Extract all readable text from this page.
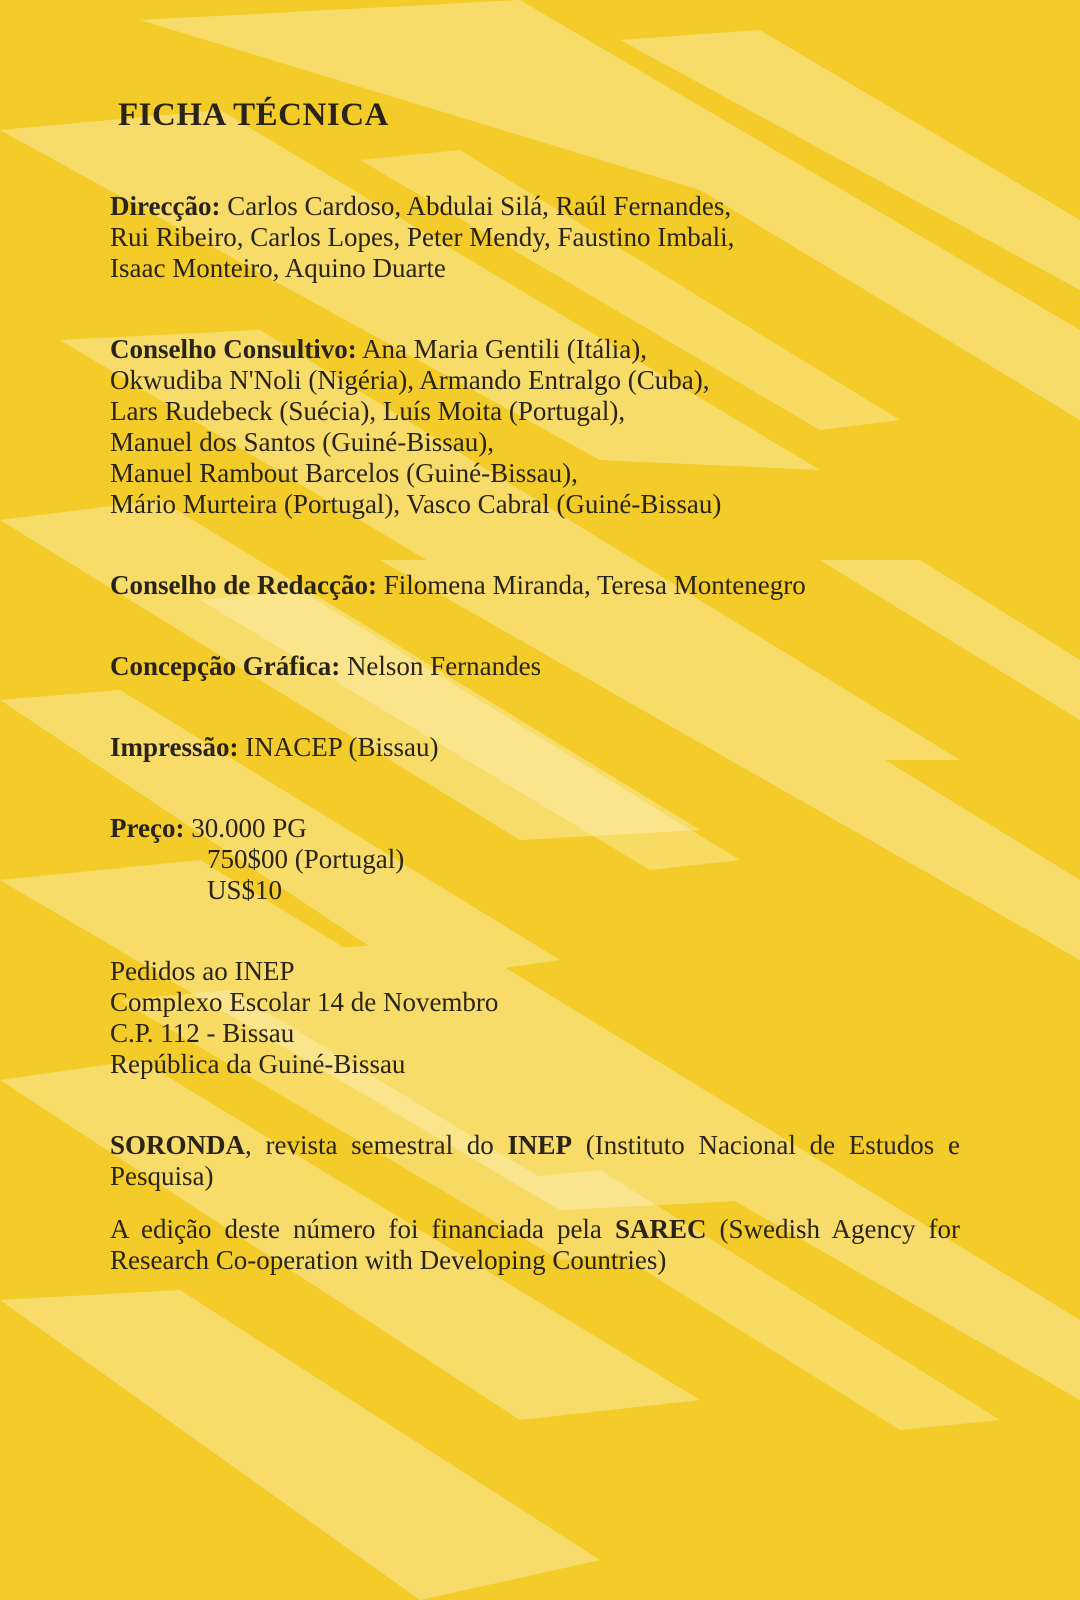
FICHA TÉCNICA
Direcção: Carlos Cardoso, Abdulai Silá, Raúl Fernandes,
Rui Ribeiro, Carlos Lopes, Peter Mendy, Faustino Imbali,
Isaac Monteiro, Aquino Duarte
Conselho Consultivo: Ana Maria Gentili (Itália),
Okwudiba N'Noli (Nigéria), Armando Entralgo (Cuba),
Lars Rudebeck (Suécia), Luís Moita (Portugal),
Manuel dos Santos (Guiné-Bissau),
Manuel Rambout Barcelos (Guiné-Bissau),
Mário Murteira (Portugal), Vasco Cabral (Guiné-Bissau)
Conselho de Redacção: Filomena Miranda, Teresa Montenegro
Concepção Gráfica: Nelson Fernandes
Impressão: INACEP (Bissau)
Preço: 30.000 PG
750$00 (Portugal)
US$10
Pedidos ao INEP
Complexo Escolar 14 de Novembro
C.P. 112 - Bissau
República da Guiné-Bissau
SORONDA, revista semestral do INEP (Instituto Nacional de Estudos e Pesquisa)
A edição deste número foi financiada pela SAREC (Swedish Agency for Research Co-operation with Developing Countries)
